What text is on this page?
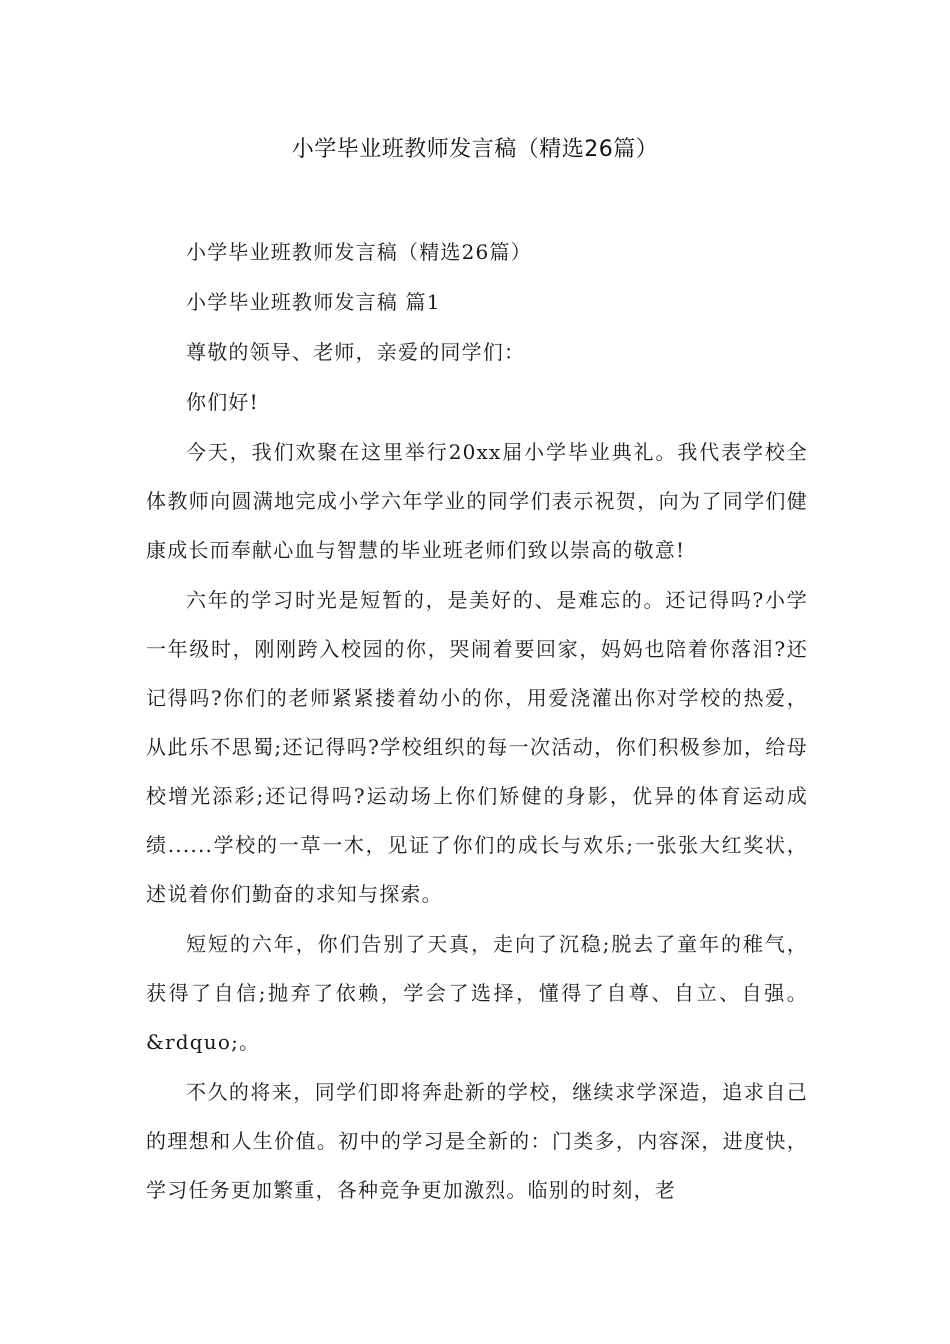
小学毕业班教师发言稿（精选26篇）

小学毕业班教师发言稿（精选26篇）

小学毕业班教师发言稿 篇1

尊敬的领导、老师，亲爱的同学们：

你们好!

今天，我们欢聚在这里举行20xx届小学毕业典礼。我代表学校全体教师向圆满地完成小学六年学业的同学们表示祝贺，向为了同学们健康成长而奉献心血与智慧的毕业班老师们致以崇高的敬意!

六年的学习时光是短暂的，是美好的、是难忘的。还记得吗?小学一年级时，刚刚跨入校园的你，哭闹着要回家，妈妈也陪着你落泪?还记得吗?你们的老师紧紧搂着幼小的你，用爱浇灌出你对学校的热爱，从此乐不思蜀;还记得吗?学校组织的每一次活动，你们积极参加，给母校增光添彩;还记得吗?运动场上你们矫健的身影，优异的体育运动成绩......学校的一草一木，见证了你们的成长与欢乐;一张张大红奖状，述说着你们勤奋的求知与探索。

短短的六年，你们告别了天真，走向了沉稳;脱去了童年的稚气，获得了自信;抛弃了依赖，学会了选择，懂得了自尊、自立、自强。&rdquo;。

不久的将来，同学们即将奔赴新的学校，继续求学深造，追求自己的理想和人生价值。初中的学习是全新的：门类多，内容深，进度快，学习任务更加繁重，各种竞争更加激烈。临别的时刻，老
